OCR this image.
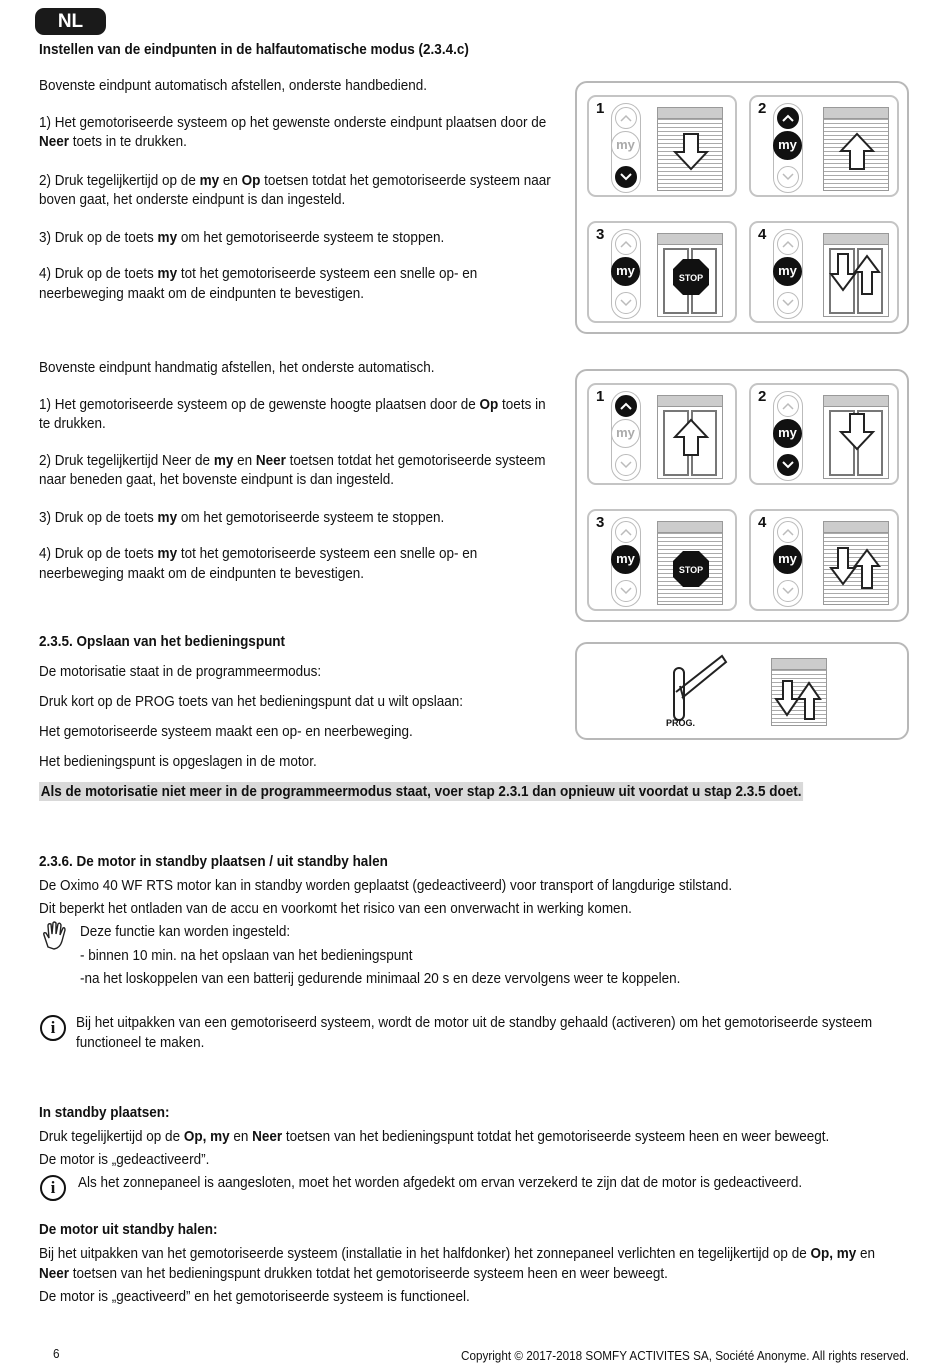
NL
Instellen van de eindpunten in de halfautomatische modus (2.3.4.c)
Bovenste eindpunt automatisch afstellen, onderste handbediend.
1) Het gemotoriseerde systeem op het gewenste onderste eindpunt plaatsen door de
Neer toets in te drukken.
2) Druk tegelijkertijd op de my en Op toetsen totdat het gemotoriseerde systeem naar
boven gaat, het onderste eindpunt is dan ingesteld.
3) Druk op de toets my om het gemotoriseerde systeem te stoppen.
4) Druk op de toets my tot het gemotoriseerde systeem een snelle op- en
neerbeweging maakt om de eindpunten te bevestigen.
1
my
2
my
3
my	STOP
4
my
Bovenste eindpunt handmatig afstellen, het onderste automatisch.
1) Het gemotoriseerde systeem op de gewenste hoogte plaatsen door de Op toets in
te drukken.
2) Druk tegelijkertijd Neer de my en Neer toetsen totdat het gemotoriseerde systeem
naar beneden gaat, het bovenste eindpunt is dan ingesteld.
3) Druk op de toets my om het gemotoriseerde systeem te stoppen.
4) Druk op de toets my tot het gemotoriseerde systeem een snelle op- en
neerbeweging maakt om de eindpunten te bevestigen.
1
my
2
my
3
my
STOP
4
my
2.3.5. Opslaan van het bedieningspunt
De motorisatie staat in de programmeermodus:
Druk kort op de PROG toets van het bedieningspunt dat u wilt opslaan:
Het gemotoriseerde systeem maakt een op- en neerbeweging.
Het bedieningspunt is opgeslagen in de motor.
Als de motorisatie niet meer in de programmeermodus staat, voer stap 2.3.1 dan opnieuw uit voordat u stap 2.3.5 doet.
PROG.
2.3.6. De motor in standby plaatsen / uit standby halen
De Oximo 40 WF RTS motor kan in standby worden geplaatst (gedeactiveerd) voor transport of langdurige stilstand.
Dit beperkt het ontladen van de accu en voorkomt het risico van een onverwacht in werking komen.
Deze functie kan worden ingesteld:
- binnen 10 min. na het opslaan van het bedieningspunt
-na het loskoppelen van een batterij gedurende minimaal 20 s en deze vervolgens weer te koppelen.
i	Bij het uitpakken van een gemotoriseerd systeem, wordt de motor uit de standby gehaald (activeren) om het gemotoriseerde systeem
functioneel te maken.
In standby plaatsen:
Druk tegelijkertijd op de Op, my en Neer toetsen van het bedieningspunt totdat het gemotoriseerde systeem heen en weer beweegt.
De motor is „gedeactiveerd”.
i	Als het zonnepaneel is aangesloten, moet het worden afgedekt om ervan verzekerd te zijn dat de motor is gedeactiveerd.
De motor uit standby halen:
Bij het uitpakken van het gemotoriseerde systeem (installatie in het halfdonker) het zonnepaneel verlichten en tegelijkertijd op de Op, my en
Neer toetsen van het bedieningspunt drukken totdat het gemotoriseerde systeem heen en weer beweegt.
De motor is „geactiveerd” en het gemotoriseerde systeem is functioneel.
6	Copyright © 2017-2018 SOMFY ACTIVITES SA, Société Anonyme. All rights reserved.
